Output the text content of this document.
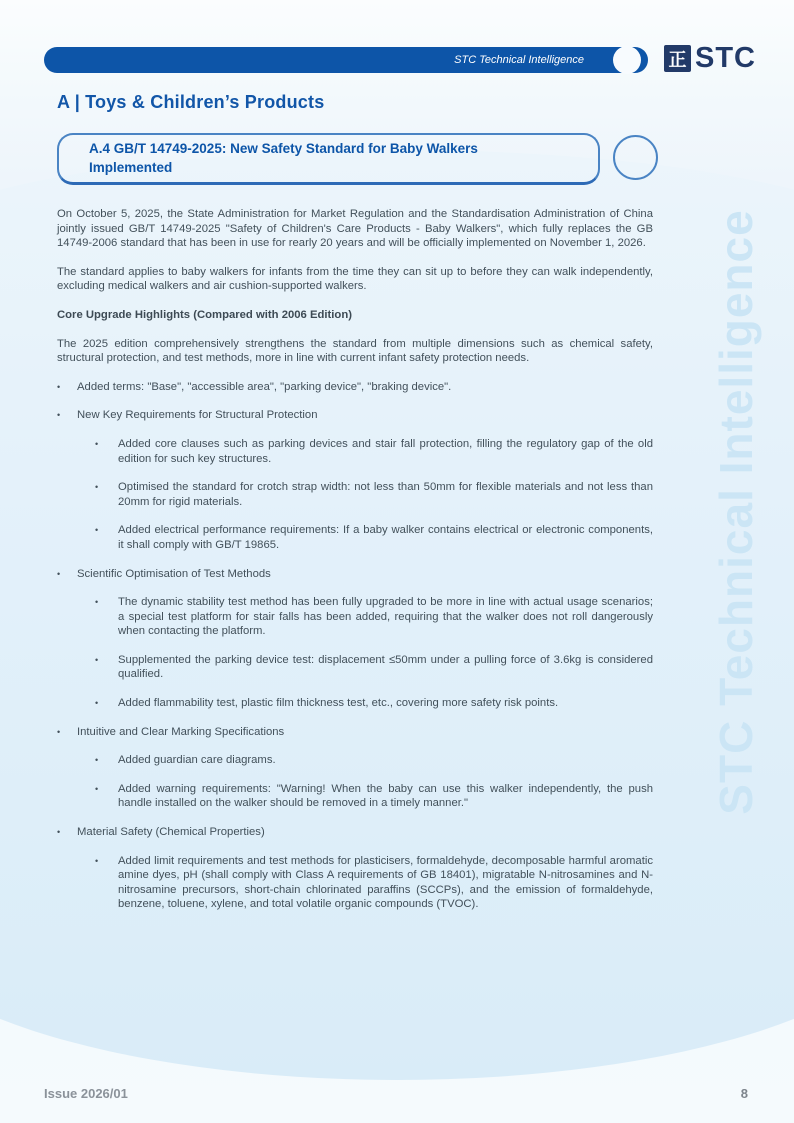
STC Technical Intelligence
STC Technical Intelligence	正 STC
A | Toys & Children’s Products
A.4 GB/T 14749-2025: New Safety Standard for Baby Walkers Implemented

On October 5, 2025, the State Administration for Market Regulation and the Standardisation Administration of China jointly issued GB/T 14749-2025 "Safety of Children's Care Products - Baby Walkers", which fully replaces the GB 14749-2006 standard that has been in use for rearly 20 years and will be officially implemented on November 1, 2026.

The standard applies to baby walkers for infants from the time they can sit up to before they can walk independently, excluding medical walkers and air cushion-supported walkers.

Core Upgrade Highlights (Compared with 2006 Edition)

The 2025 edition comprehensively strengthens the standard from multiple dimensions such as chemical safety, structural protection, and test methods, more in line with current infant safety protection needs.

•	Added terms: "Base", "accessible area", "parking device", "braking device".
•	New Key Requirements for Structural Protection
•	Added core clauses such as parking devices and stair fall protection, filling the regulatory gap of the old edition for such key structures.
•	Optimised the standard for crotch strap width: not less than 50mm for flexible materials and not less than 20mm for rigid materials.
•	Added electrical performance requirements: If a baby walker contains electrical or electronic components, it shall comply with GB/T 19865.
•	Scientific Optimisation of Test Methods
•	The dynamic stability test method has been fully upgraded to be more in line with actual usage scenarios; a special test platform for stair falls has been added, requiring that the walker does not roll dangerously when contacting the platform.
•	Supplemented the parking device test: displacement ≤50mm under a pulling force of 3.6kg is considered qualified.
•	Added flammability test, plastic film thickness test, etc., covering more safety risk points.
•	Intuitive and Clear Marking Specifications
•	Added guardian care diagrams.
•	Added warning requirements: "Warning! When the baby can use this walker independently, the push handle installed on the walker should be removed in a timely manner."
•	Material Safety (Chemical Properties)
•	Added limit requirements and test methods for plasticisers, formaldehyde, decomposable harmful aromatic amine dyes, pH (shall comply with Class A requirements of GB 18401), migratable N-nitrosamines and N-nitrosamine precursors, short-chain chlorinated paraffins (SCCPs), and the emission of formaldehyde, benzene, toluene, xylene, and total volatile organic compounds (TVOC).
Issue 2026/01	8
